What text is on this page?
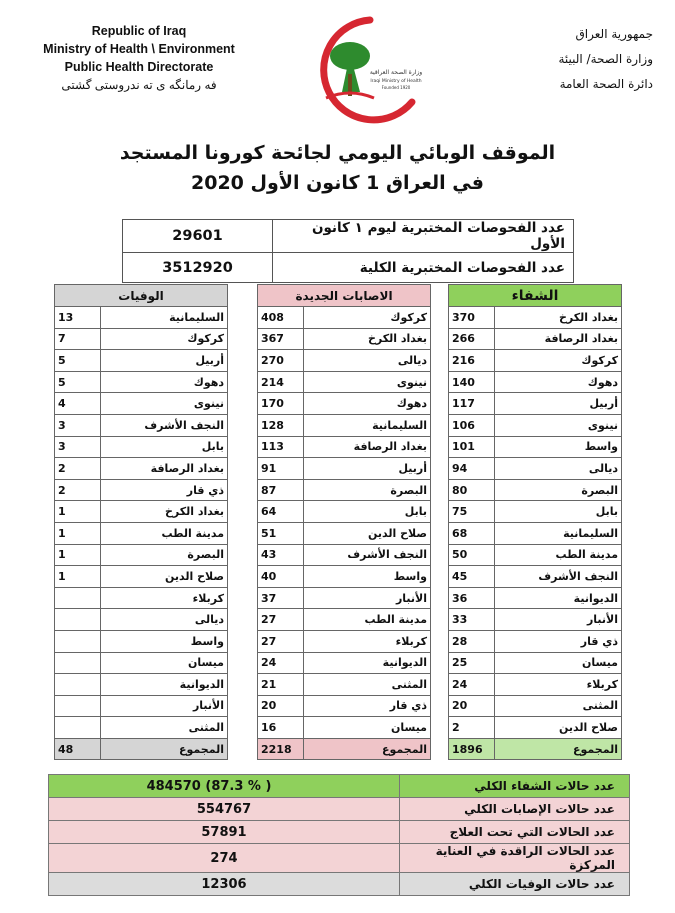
Republic of Iraq
Ministry of Health \ Environment
Public Health Directorate
فه رمانگه ی ته ندروستی گشتی
وزارة الصحة العراقية
Iraqi Ministry of Health
Founded 1920
جمهورية العراق
وزارة الصحة/ البيئة
دائرة الصحة العامة
الموقف الوبائي اليومي لجائحة كورونا المستجد
في العراق 1 كانون الأول 2020
29601	عدد الفحوصات المختبرية ليوم ١ كانون الأول
3512920	عدد الفحوصات المختبرية الكلية
الشفاء	
370	بغداد الكرخ
266	بغداد الرصافة
216	كركوك
140	دهوك
117	أربيل
106	نينوى
101	واسط
94	ديالى
80	البصرة
75	بابل
68	السليمانية
50	مدينة الطب
45	النجف الأشرف
36	الديوانية
33	الأنبار
28	ذي قار
25	ميسان
24	كربلاء
20	المثنى
2	صلاح الدين
1896	المجموع
الاصابات الجديدة	
408	كركوك
367	بغداد الكرخ
270	ديالى
214	نينوى
170	دهوك
128	السليمانية
113	بغداد الرصافة
91	أربيل
87	البصرة
64	بابل
51	صلاح الدين
43	النجف الأشرف
40	واسط
37	الأنبار
27	مدينة الطب
27	كربلاء
24	الديوانية
21	المثنى
20	ذي قار
16	ميسان
2218	المجموع
الوفيات	
13	السليمانية
7	كركوك
5	أربيل
5	دهوك
4	نينوى
3	النجف الأشرف
3	بابل
2	بغداد الرصافة
2	ذي قار
1	بغداد الكرخ
1	مدينة الطب
1	البصرة
1	صلاح الدين
	كربلاء
	ديالى
	واسط
	ميسان
	الديوانية
	الأنبار
	المثنى
48	المجموع
484570 (87.3 % )	عدد حالات الشفاء الكلي
554767	عدد حالات الإصابات الكلي
57891	عدد الحالات التي تحت العلاج
274	عدد الحالات الراقدة في العناية المركزة
12306	عدد حالات الوفيات الكلي
